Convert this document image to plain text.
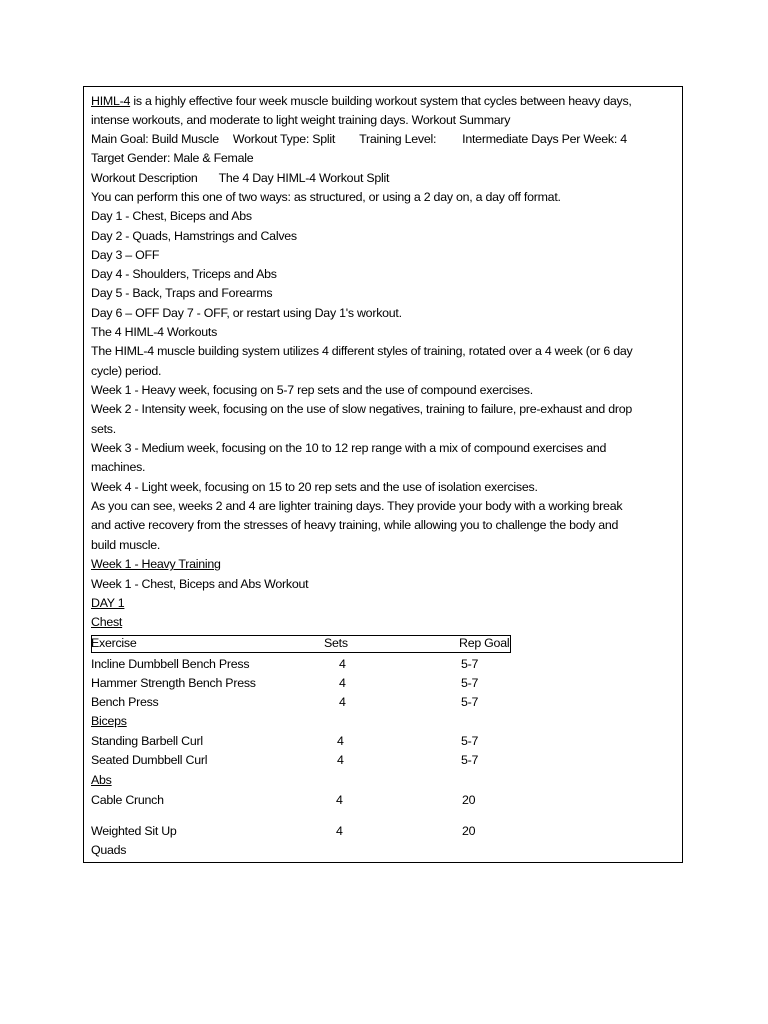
HIML-4 is a highly effective four week muscle building workout system that cycles between heavy days,
intense workouts, and moderate to light weight training days. Workout Summary
Main Goal: Build Muscle Workout Type: Split Training Level: Intermediate Days Per Week: 4
Target Gender: Male & Female
Workout Description The 4 Day HIML-4 Workout Split
You can perform this one of two ways: as structured, or using a 2 day on, a day off format.
Day 1 - Chest, Biceps and Abs
Day 2 - Quads, Hamstrings and Calves
Day 3 – OFF
Day 4 - Shoulders, Triceps and Abs
Day 5 - Back, Traps and Forearms
Day 6 – OFF Day 7 - OFF, or restart using Day 1's workout.
The 4 HIML-4 Workouts
The HIML-4 muscle building system utilizes 4 different styles of training, rotated over a 4 week (or 6 day
cycle) period.
Week 1 - Heavy week, focusing on 5-7 rep sets and the use of compound exercises.
Week 2 - Intensity week, focusing on the use of slow negatives, training to failure, pre-exhaust and drop
sets.
Week 3 - Medium week, focusing on the 10 to 12 rep range with a mix of compound exercises and
machines.
Week 4 - Light week, focusing on 15 to 20 rep sets and the use of isolation exercises.
As you can see, weeks 2 and 4 are lighter training days. They provide your body with a working break
and active recovery from the stresses of heavy training, while allowing you to challenge the body and
build muscle.
Week 1 - Heavy Training
Week 1 - Chest, Biceps and Abs Workout
DAY 1
Chest
Exercise	Sets	Rep Goal
Incline Dumbbell Bench Press	4	5-7
Hammer Strength Bench Press	4	5-7
Bench Press	4	5-7
Biceps
Standing Barbell Curl	4	5-7
Seated Dumbbell Curl	4	5-7
Abs
Cable Crunch	4	20
Weighted Sit Up	4	20
Quads
